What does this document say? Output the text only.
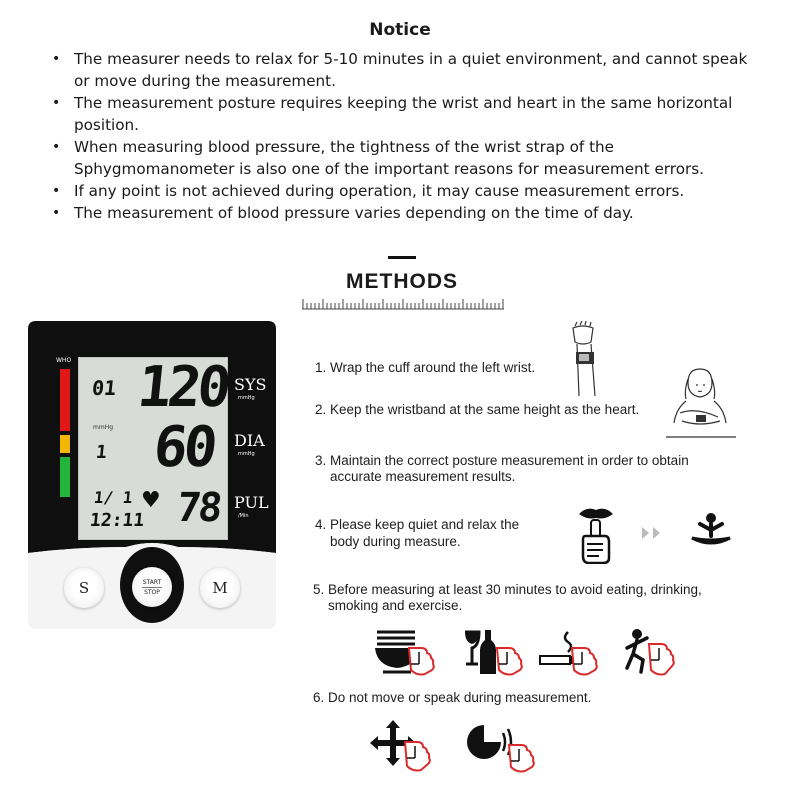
Notice
• The measurer needs to relax for 5-10 minutes in a quiet environment, and cannot speak or move during the measurement.
• The measurement posture requires keeping the wrist and heart in the same horizontal position.
• When measuring blood pressure, the tightness of the wrist strap of the Sphygmomanometer is also one of the important reasons for measurement errors.
• If any point is not achieved during operation, it may cause measurement errors.
• The measurement of blood pressure varies depending on the time of day.
METHODS
WHO
01 120
mmHg
1 60
1/ 1
12:11
♥ 78
SYS
mmHg
DIA
mmHg
PUL
/Min
S	START
STOP	M
1. Wrap the cuff around the left wrist.
2. Keep the wristband at the same height as the heart.
3. Maintain the correct posture measurement in order to obtain
accurate measurement results.
4. Please keep quiet and relax the
body during measure.
5. Before measuring at least 30 minutes to avoid eating, drinking,
smoking and exercise.
6. Do not move or speak during measurement.
